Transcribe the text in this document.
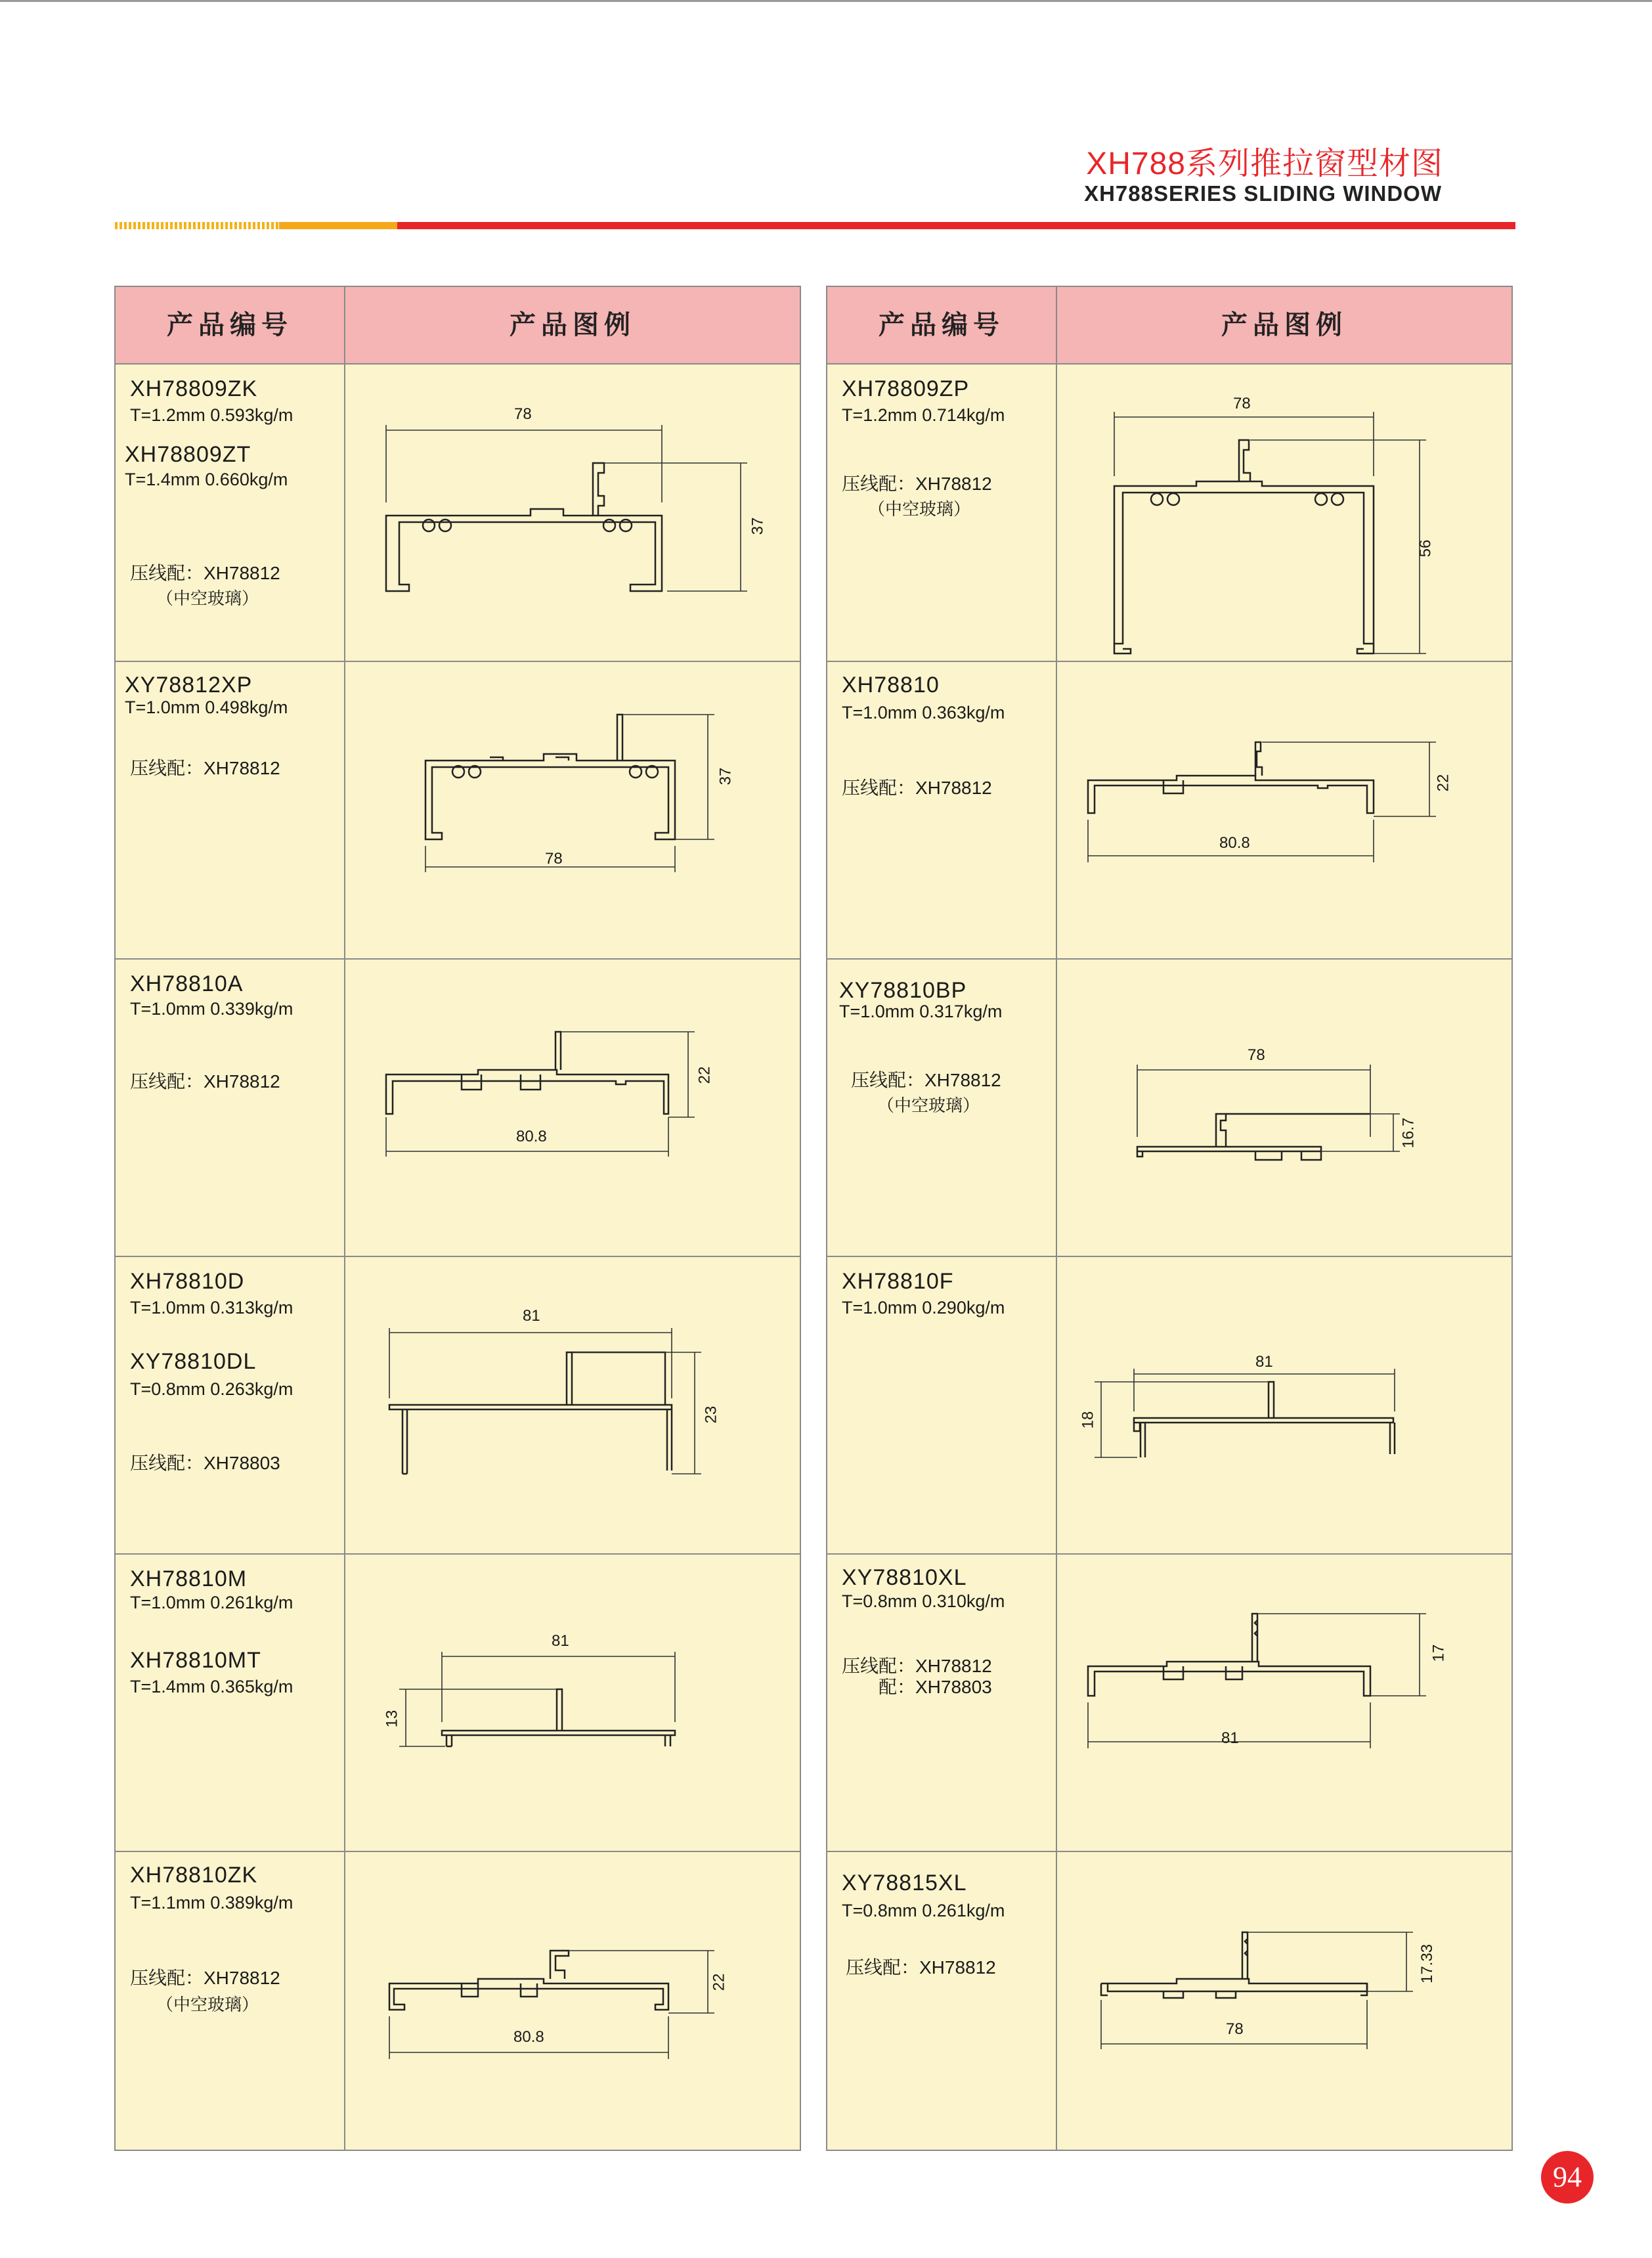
XH788系列推拉窗型材图
XH788SERIES SLIDING WINDOW
产品编号	产品图例
XH78809ZK
T=1.2mm 0.593kg/m
XH78809ZT
T=1.4mm 0.660kg/m
压线配：XH78812
（中空玻璃）
78
37
XY78812XP
T=1.0mm 0.498kg/m
压线配：XH78812
78
37
XH78810A
T=1.0mm 0.339kg/m
压线配：XH78812
80.8
22
XH78810D
T=1.0mm 0.313kg/m
XY78810DL
T=0.8mm 0.263kg/m
压线配：XH78803
81
23
XH78810M
T=1.0mm 0.261kg/m
XH78810MT
T=1.4mm 0.365kg/m
81
13
XH78810ZK
T=1.1mm 0.389kg/m
压线配：XH78812
（中空玻璃）
80.8
22
产品编号	产品图例
XH78809ZP
T=1.2mm 0.714kg/m
压线配：XH78812
（中空玻璃）
78
56
XH78810
T=1.0mm 0.363kg/m
压线配：XH78812
80.8
22
XY78810BP
T=1.0mm 0.317kg/m
压线配：XH78812
（中空玻璃）
78
16.7
XH78810F
T=1.0mm 0.290kg/m
81
18
XY78810XL
T=0.8mm 0.310kg/m
压线配：XH78812
配：XH78803
81
17
XY78815XL
T=0.8mm 0.261kg/m
压线配：XH78812
78
17.33
94
